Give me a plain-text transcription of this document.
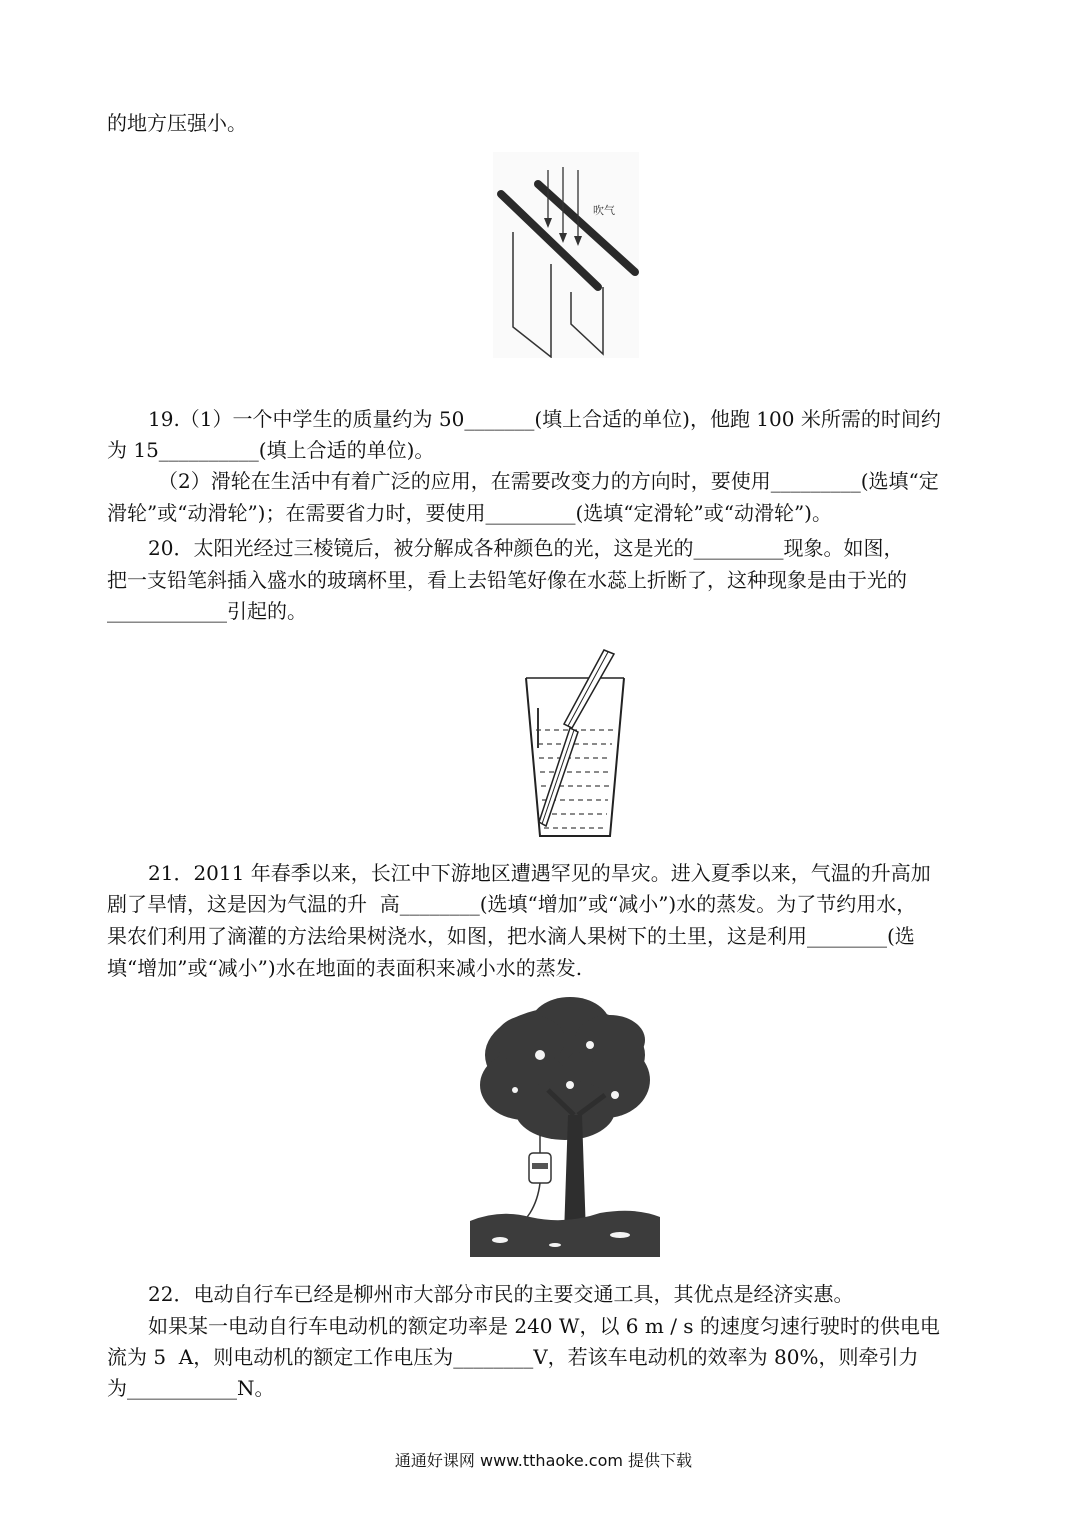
的地方压强小。
吹气
19.（1）一个中学生的质量约为 50_______(填上合适的单位)，他跑 100 米所需的时间约
为 15__________(填上合适的单位)。
（2）滑轮在生活中有着广泛的应用，在需要改变力的方向时，要使用_________(选填“定
滑轮”或“动滑轮”)；在需要省力时，要使用_________(选填“定滑轮”或“动滑轮”)。
20．太阳光经过三棱镜后，被分解成各种颜色的光，这是光的_________现象。如图，
把一支铅笔斜插入盛水的玻璃杯里，看上去铅笔好像在水蕊上折断了，这种现象是由于光的
____________引起的。
21．2011 年春季以来，长江中下游地区遭遇罕见的旱灾。进入夏季以来，气温的升高加
剧了旱情，这是因为气温的升  高________(选填“增加”或“减小”)水的蒸发。为了节约用水，
果农们利用了滴灌的方法给果树浇水，如图，把水滴人果树下的土里，这是利用________(选
填“增加”或“减小”)水在地面的表面积来减小水的蒸发.
22．电动自行车已经是柳州市大部分市民的主要交通工具，其优点是经济实惠。
如果某一电动自行车电动机的额定功率是 240 W，以 6 m / s 的速度匀速行驶时的供电电
流为 5  A，则电动机的额定工作电压为________V，若该车电动机的效率为 80%，则牵引力
为___________N。
通通好课网 www.tthaoke.com 提供下载
